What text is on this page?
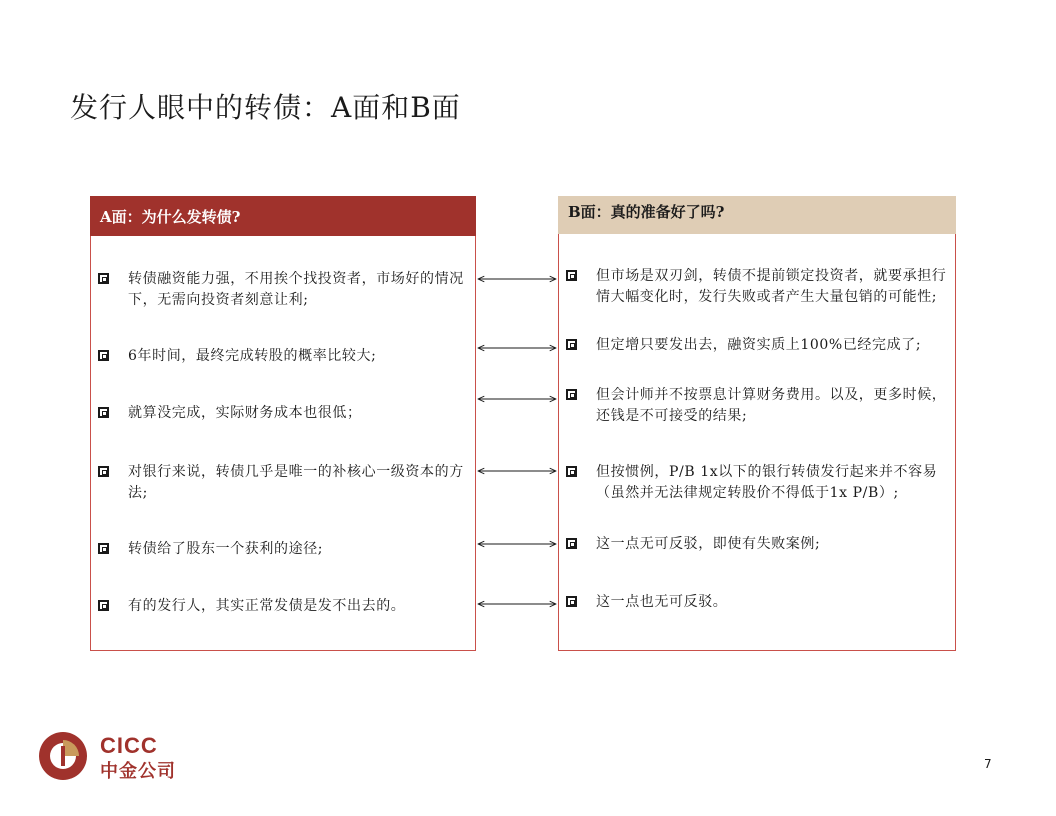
发行人眼中的转债：A面和B面
A面：为什么发转债?
转债融资能力强，不用挨个找投资者，市场好的情况下，无需向投资者刻意让利;
6年时间，最终完成转股的概率比较大;
就算没完成，实际财务成本也很低；
对银行来说，转债几乎是唯一的补核心一级资本的方法;
转债给了股东一个获利的途径;
有的发行人，其实正常发债是发不出去的。
B面：真的准备好了吗?
但市场是双刃剑，转债不提前锁定投资者，就要承担行情大幅变化时，发行失败或者产生大量包销的可能性;
但定增只要发出去，融资实质上100%已经完成了;
但会计师并不按票息计算财务费用。以及，更多时候，还钱是不可接受的结果;
但按惯例，P/B 1x以下的银行转债发行起来并不容易（虽然并无法律规定转股价不得低于1x P/B）;
这一点无可反驳，即使有失败案例;
这一点也无可反驳。
CICC
中金公司	7
